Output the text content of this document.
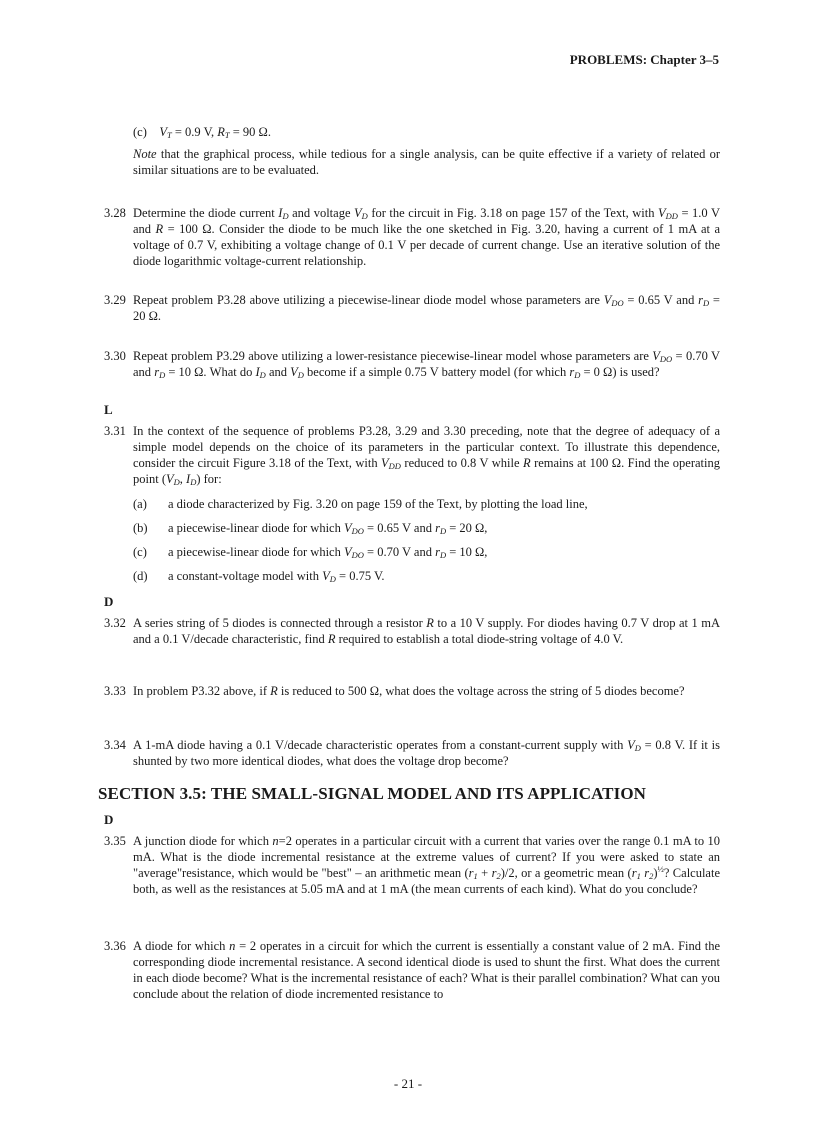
PROBLEMS: Chapter 3–5
(c) $V_T = 0.9$ V, $R_T = 90$ Ω.
Note that the graphical process, while tedious for a single analysis, can be quite effective if a variety of related or similar situations are to be evaluated.
3.28 Determine the diode current $I_D$ and voltage $V_D$ for the circuit in Fig. 3.18 on page 157 of the Text, with $V_{DD} = 1.0$ V and R = 100 Ω. Consider the diode to be much like the one sketched in Fig. 3.20, having a current of 1 mA at a voltage of 0.7 V, exhibiting a voltage change of 0.1 V per decade of current change. Use an iterative solution of the diode logarithmic voltage-current relationship.
3.29 Repeat problem P3.28 above utilizing a piecewise-linear diode model whose parameters are $V_{DO} = 0.65$ V and $r_D = 20$ Ω.
3.30 Repeat problem P3.29 above utilizing a lower-resistance piecewise-linear model whose parameters are $V_{DO} = 0.70$ V and $r_D = 10$ Ω. What do $I_D$ and $V_D$ become if a simple 0.75 V battery model (for which $r_D = 0$ Ω) is used?
L
3.31 In the context of the sequence of problems P3.28, 3.29 and 3.30 preceding, note that the degree of adequacy of a simple model depends on the choice of its parameters in the particular context. To illustrate this dependence, consider the circuit Figure 3.18 of the Text, with $V_{DD}$ reduced to 0.8 V while R remains at 100 Ω. Find the operating point ($V_D$, $I_D$) for:
(a) a diode characterized by Fig. 3.20 on page 159 of the Text, by plotting the load line,
(b) a piecewise-linear diode for which $V_{DO} = 0.65$ V and $r_D = 20$ Ω,
(c) a piecewise-linear diode for which $V_{DO} = 0.70$ V and $r_D = 10$ Ω,
(d) a constant-voltage model with $V_D = 0.75$ V.
D
3.32 A series string of 5 diodes is connected through a resistor R to a 10 V supply. For diodes having 0.7 V drop at 1 mA and a 0.1 V/decade characteristic, find R required to establish a total diode-string voltage of 4.0 V.
3.33 In problem P3.32 above, if R is reduced to 500 Ω, what does the voltage across the string of 5 diodes become?
3.34 A 1-mA diode having a 0.1 V/decade characteristic operates from a constant-current supply with $V_D = 0.8$ V. If it is shunted by two more identical diodes, what does the voltage drop become?
SECTION 3.5: THE SMALL-SIGNAL MODEL AND ITS APPLICATION
D
3.35 A junction diode for which n=2 operates in a particular circuit with a current that varies over the range 0.1 mA to 10 mA. What is the diode incremental resistance at the extreme values of current? If you were asked to state an "average"resistance, which would be "best" – an arithmetic mean $(r_1 + r_2)/2$, or a geometric mean ($r_1$ $r_2)^{\frac{1}{2}}$? Calculate both, as well as the resistances at 5.05 mA and at 1 mA (the mean currents of each kind). What do you conclude?
3.36 A diode for which n = 2 operates in a circuit for which the current is essentially a constant value of 2 mA. Find the corresponding diode incremental resistance. A second identical diode is used to shunt the first. What does the current in each diode become? What is the incremental resistance of each? What is their parallel combination? What can you conclude about the relation of diode incremented resistance to
- 21 -
